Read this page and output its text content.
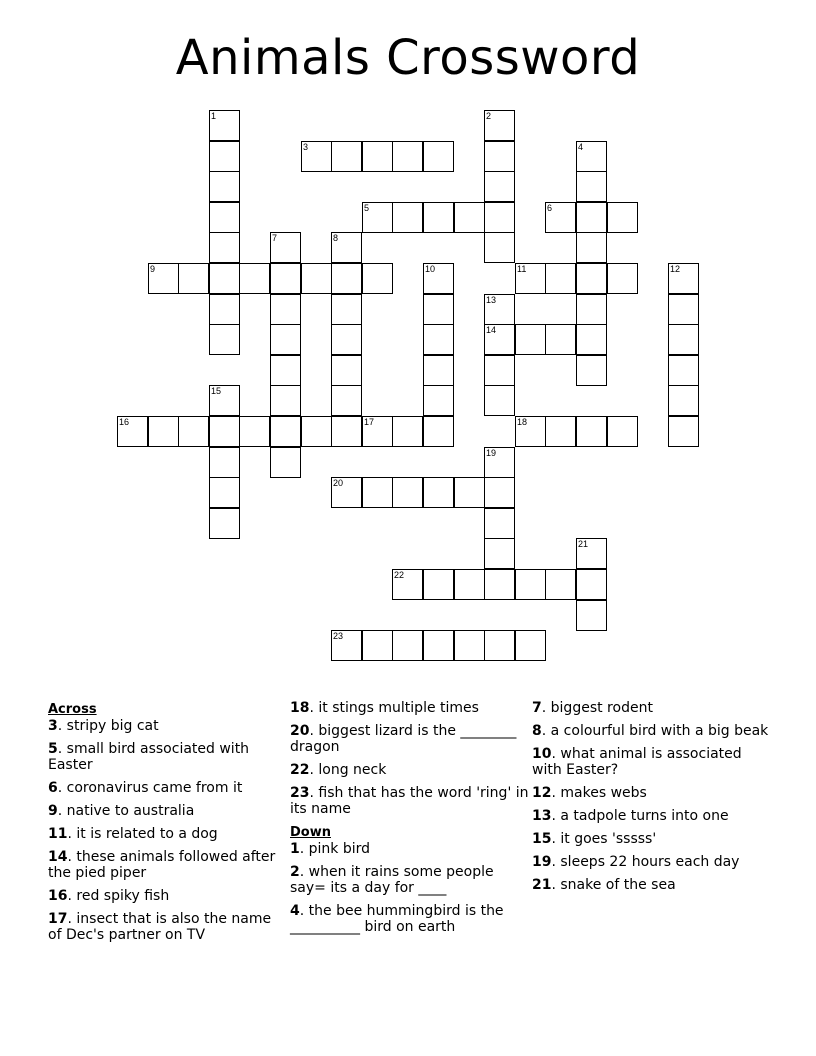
Animals Crossword
1	2
3	4
5	6
7	8
9	10	11	12
13
14
15
16	17	18
19
20
21
22
23
Across
3. stripy big cat
5. small bird associated with Easter
6. coronavirus came from it
9. native to australia
11. it is related to a dog
14. these animals followed after the pied piper
16. red spiky fish
17. insect that is also the name of Dec's partner on TV
18. it stings multiple times
20. biggest lizard is the ________ dragon
22. long neck
23. fish that has the word 'ring' in its name
Down
1. pink bird
2. when it rains some people say= its a day for ____
4. the bee hummingbird is the __________ bird on earth
7. biggest rodent
8. a colourful bird with a big beak
10. what animal is associated with Easter?
12. makes webs
13. a tadpole turns into one
15. it goes 'sssss'
19. sleeps 22 hours each day
21. snake of the sea
